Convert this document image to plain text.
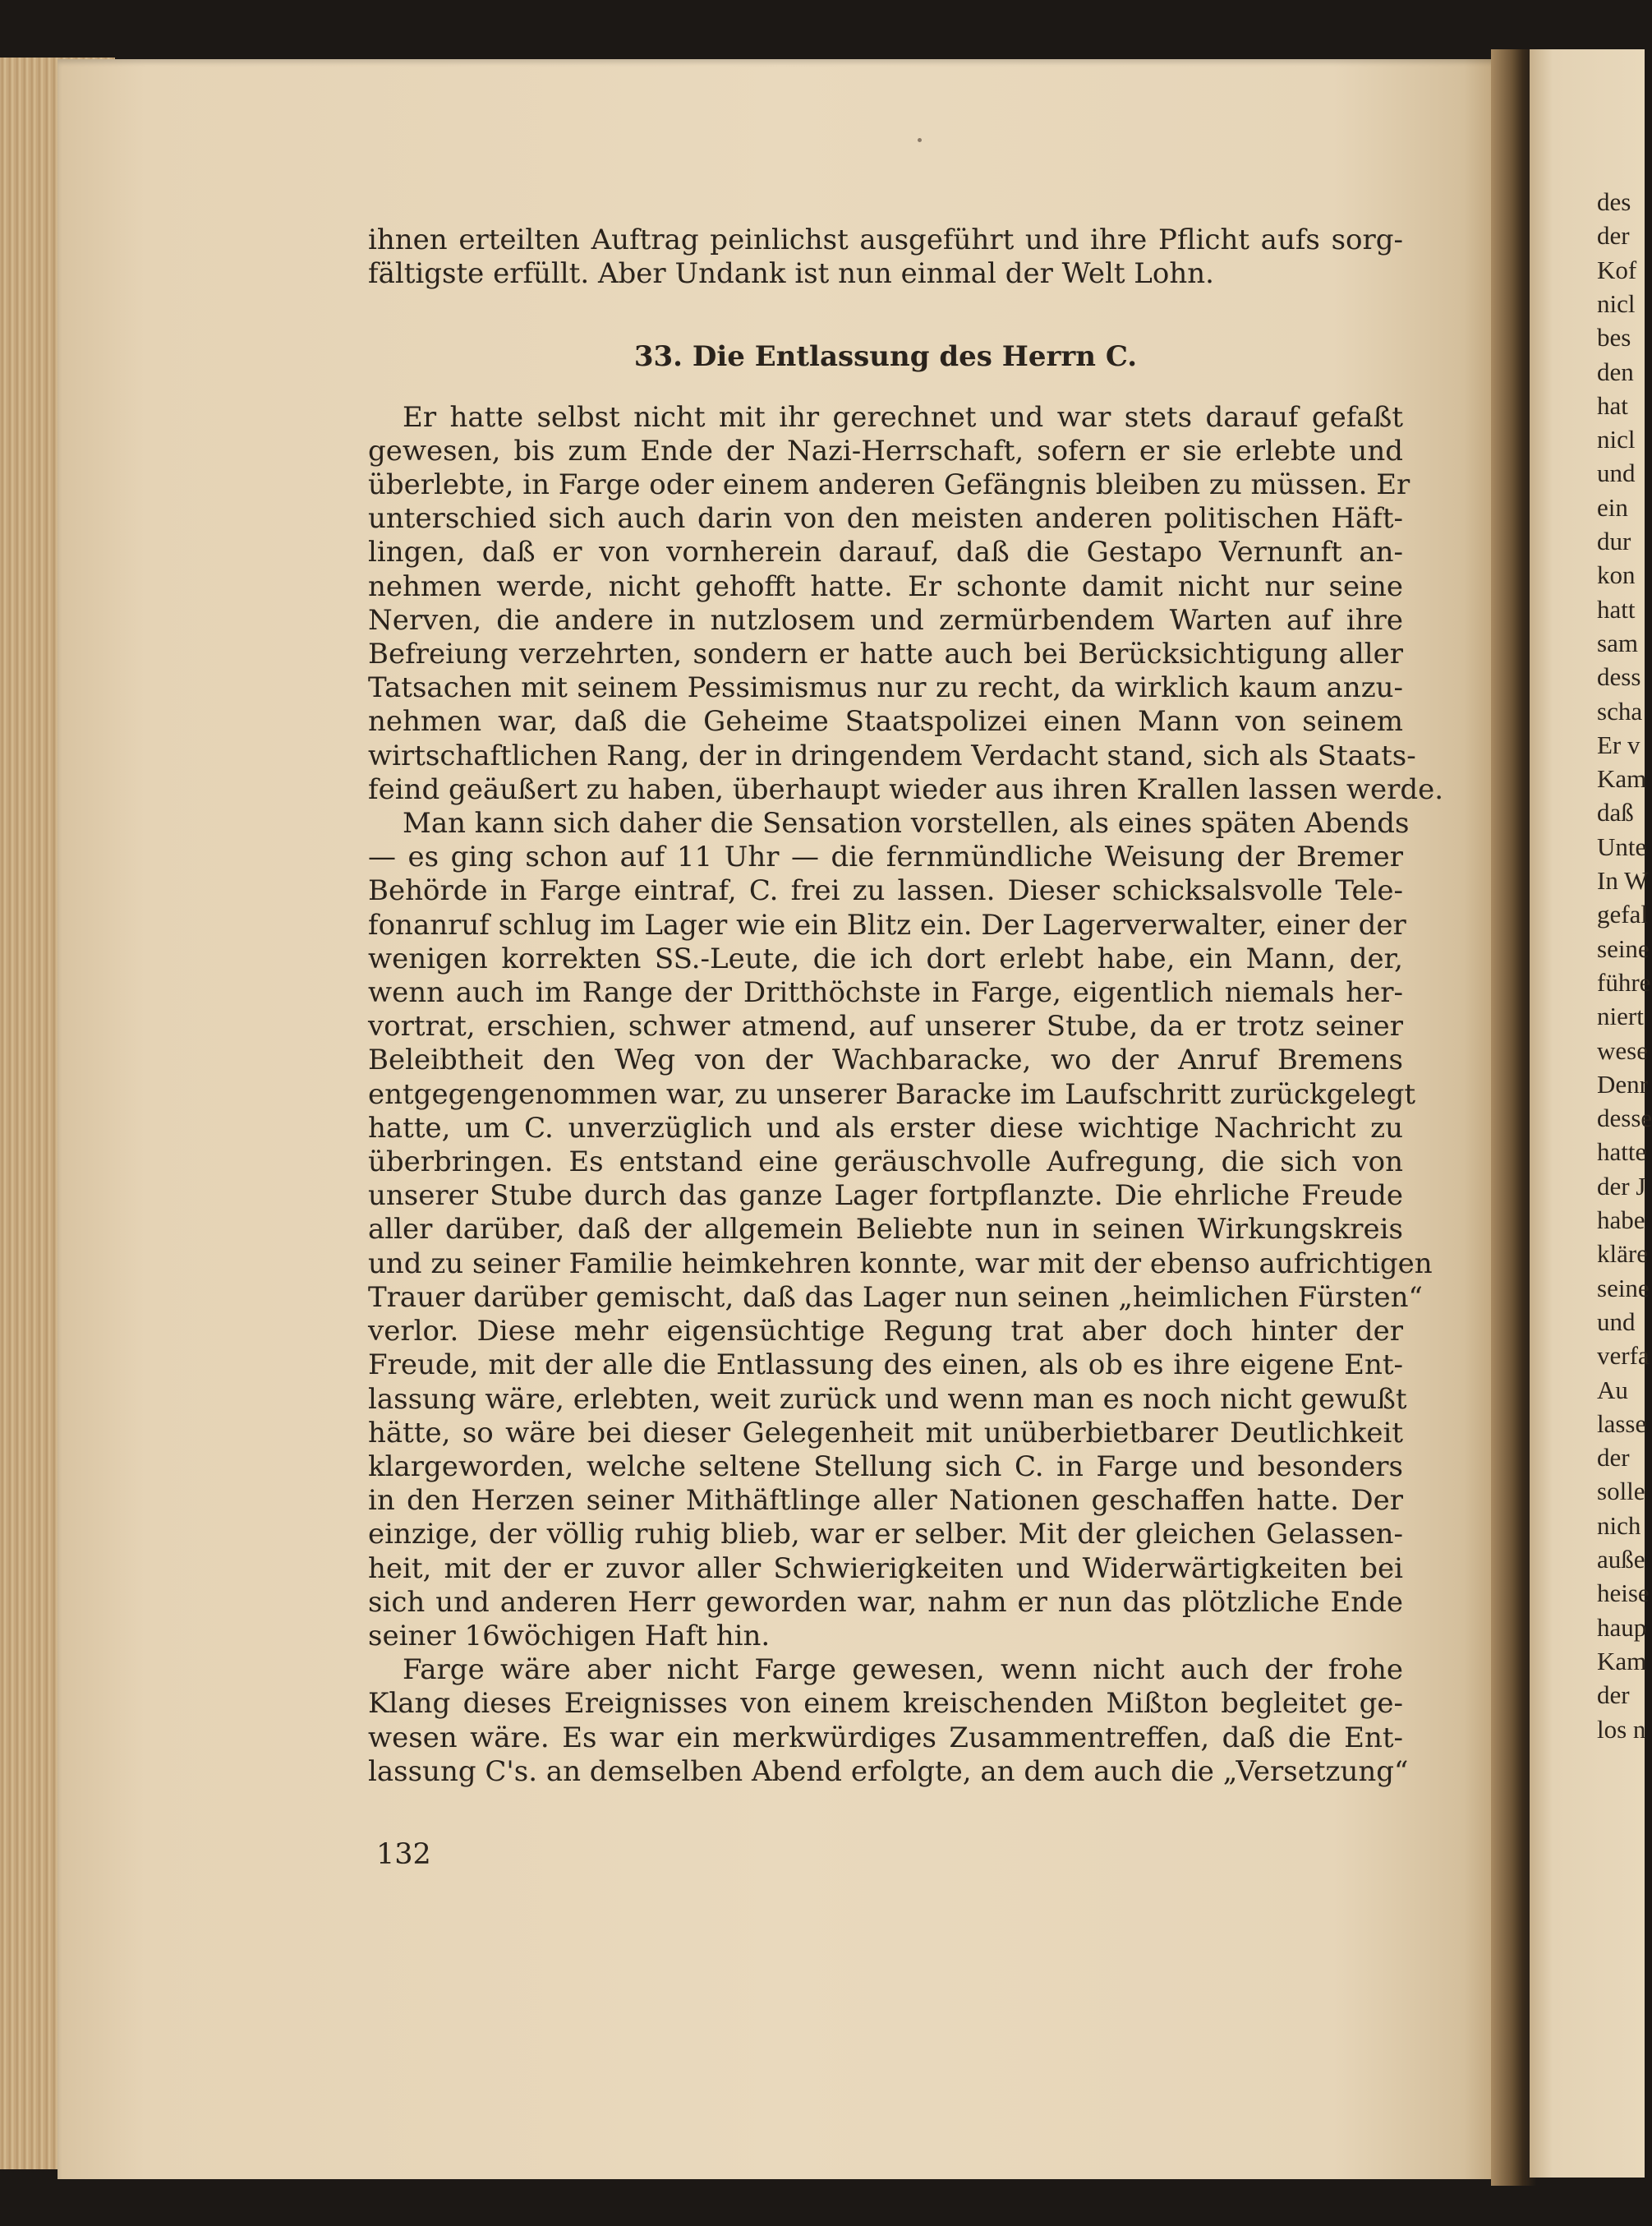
des
der
Kof
nicl
bes
den
hat
nicl
und
ein
dur
kon
hatt
sam
dess
scha
Er v
Kam
daß
Unte
In W
gefal
seine
führe
niert
wese
Denr
desse
hatte
der J
habe
kläre
seine
und
verfa
Au
lasse
der
solle
nich
auße
heise
haup
Kam
der
los n
ihnen erteilten Auftrag peinlichst ausgeführt und ihre Pflicht aufs sorg-
fältigste erfüllt. Aber Undank ist nun einmal der Welt Lohn.
33. Die Entlassung des Herrn C.
Er hatte selbst nicht mit ihr gerechnet und war stets darauf gefaßt
gewesen, bis zum Ende der Nazi-Herrschaft, sofern er sie erlebte und
überlebte, in Farge oder einem anderen Gefängnis bleiben zu müssen. Er
unterschied sich auch darin von den meisten anderen politischen Häft-
lingen, daß er von vornherein darauf, daß die Gestapo Vernunft an-
nehmen werde, nicht gehofft hatte. Er schonte damit nicht nur seine
Nerven, die andere in nutzlosem und zermürbendem Warten auf ihre
Befreiung verzehrten, sondern er hatte auch bei Berücksichtigung aller
Tatsachen mit seinem Pessimismus nur zu recht, da wirklich kaum anzu-
nehmen war, daß die Geheime Staatspolizei einen Mann von seinem
wirtschaftlichen Rang, der in dringendem Verdacht stand, sich als Staats-
feind geäußert zu haben, überhaupt wieder aus ihren Krallen lassen werde.
Man kann sich daher die Sensation vorstellen, als eines späten Abends
— es ging schon auf 11 Uhr — die fernmündliche Weisung der Bremer
Behörde in Farge eintraf, C. frei zu lassen. Dieser schicksalsvolle Tele-
fonanruf schlug im Lager wie ein Blitz ein. Der Lagerverwalter, einer der
wenigen korrekten SS.-Leute, die ich dort erlebt habe, ein Mann, der,
wenn auch im Range der Dritthöchste in Farge, eigentlich niemals her-
vortrat, erschien, schwer atmend, auf unserer Stube, da er trotz seiner
Beleibtheit den Weg von der Wachbaracke, wo der Anruf Bremens
entgegengenommen war, zu unserer Baracke im Laufschritt zurückgelegt
hatte, um C. unverzüglich und als erster diese wichtige Nachricht zu
überbringen. Es entstand eine geräuschvolle Aufregung, die sich von
unserer Stube durch das ganze Lager fortpflanzte. Die ehrliche Freude
aller darüber, daß der allgemein Beliebte nun in seinen Wirkungskreis
und zu seiner Familie heimkehren konnte, war mit der ebenso aufrichtigen
Trauer darüber gemischt, daß das Lager nun seinen „heimlichen Fürsten“
verlor. Diese mehr eigensüchtige Regung trat aber doch hinter der
Freude, mit der alle die Entlassung des einen, als ob es ihre eigene Ent-
lassung wäre, erlebten, weit zurück und wenn man es noch nicht gewußt
hätte, so wäre bei dieser Gelegenheit mit unüberbietbarer Deutlichkeit
klargeworden, welche seltene Stellung sich C. in Farge und besonders
in den Herzen seiner Mithäftlinge aller Nationen geschaffen hatte. Der
einzige, der völlig ruhig blieb, war er selber. Mit der gleichen Gelassen-
heit, mit der er zuvor aller Schwierigkeiten und Widerwärtigkeiten bei
sich und anderen Herr geworden war, nahm er nun das plötzliche Ende
seiner 16wöchigen Haft hin.
Farge wäre aber nicht Farge gewesen, wenn nicht auch der frohe
Klang dieses Ereignisses von einem kreischenden Mißton begleitet ge-
wesen wäre. Es war ein merkwürdiges Zusammentreffen, daß die Ent-
lassung C's. an demselben Abend erfolgte, an dem auch die „Versetzung“
132
